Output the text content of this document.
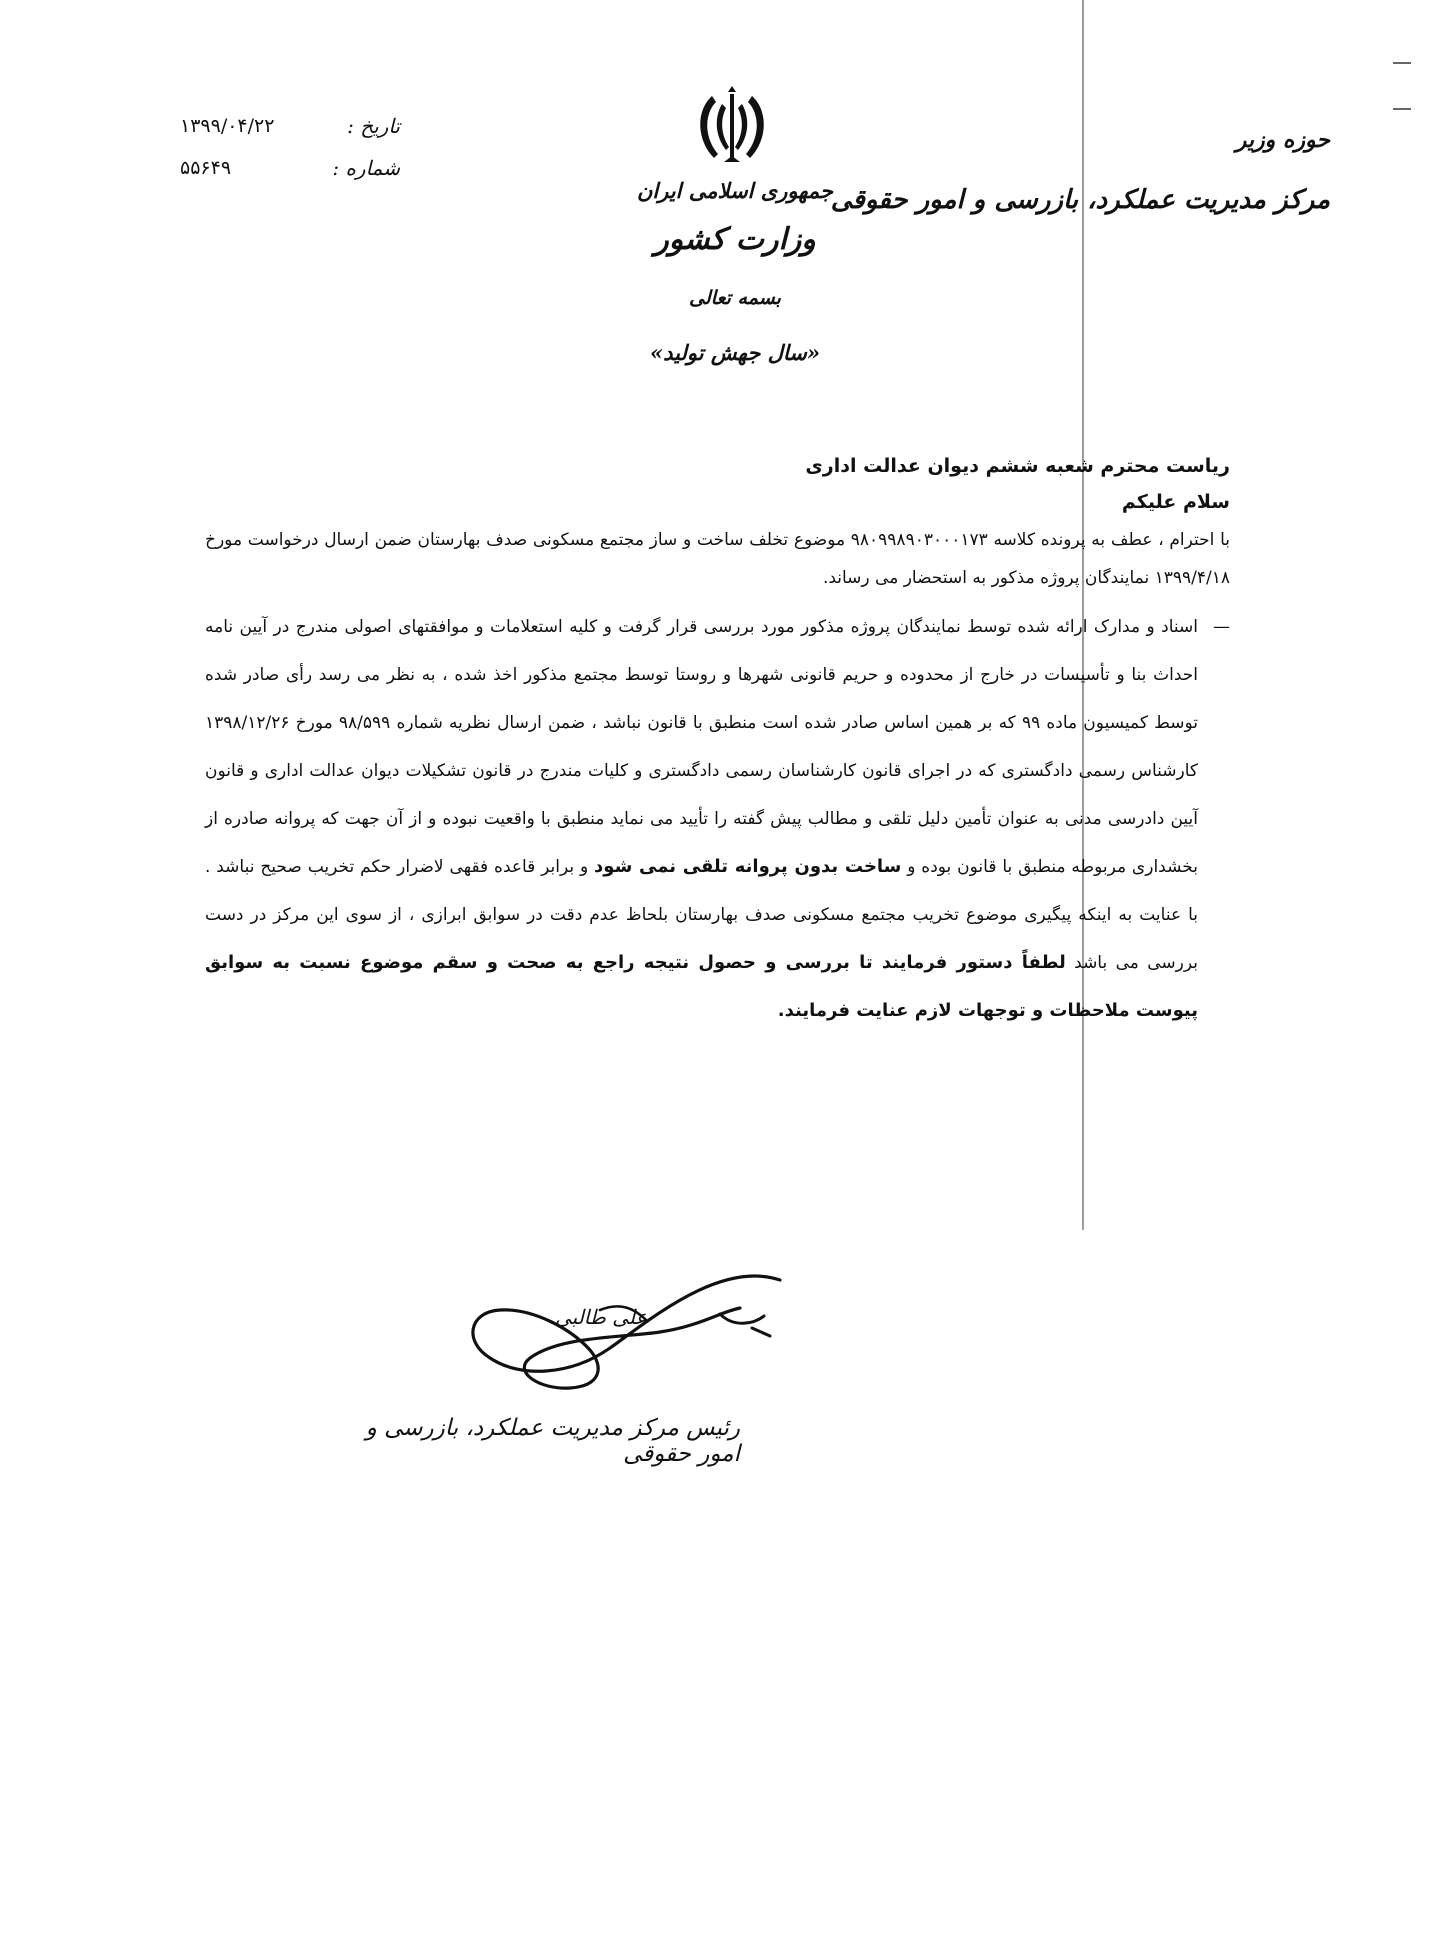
تاریخ :
۱۳۹۹/۰۴/۲۲
شماره :
۵۵۶۴۹
جمهوری اسلامی ایران
وزارت کشور
بسمه تعالی
«سال جهش تولید»
حوزه وزیر
مرکز مدیریت عملکرد، بازرسی و امور حقوقی

ریاست محترم شعبه ششم دیوان عدالت اداری

سلام علیکم

با احترام ، عطف به پرونده کلاسه ۹۸۰۹۹۸۹۰۳۰۰۰۱۷۳ موضوع تخلف ساخت و ساز مجتمع مسکونی صدف بهارستان ضمن ارسال درخواست مورخ ۱۳۹۹/۴/۱۸ نمایندگان پروژه مذکور به استحضار می رساند.

—
اسناد و مدارک ارائه شده توسط نمایندگان پروژه مذکور مورد بررسی قرار گرفت و کلیه استعلامات و موافقتهای اصولی مندرج در آیین نامه احداث بنا و تأسیسات در خارج از محدوده و حریم قانونی شهرها و روستا توسط مجتمع مذکور اخذ شده ، به نظر می رسد رأی صادر شده توسط کمیسیون ماده ۹۹ که بر همین اساس صادر شده است منطبق با قانون نباشد ، ضمن ارسال نظریه شماره ۹۸/۵۹۹ مورخ ۱۳۹۸/۱۲/۲۶ کارشناس رسمی دادگستری که در اجرای قانون کارشناسان رسمی دادگستری و کلیات مندرج در قانون تشکیلات دیوان عدالت اداری و قانون آیین دادرسی مدنی به عنوان تأمین دلیل تلقی و مطالب پیش گفته را تأیید می نماید منطبق با واقعیت نبوده و از آن جهت که پروانه صادره از بخشداری مربوطه منطبق با قانون بوده و ساخت بدون پروانه تلقی نمی شود و برابر قاعده فقهی لاضرار حکم تخریب صحیح نباشد . با عنایت به اینکه پیگیری موضوع تخریب مجتمع مسکونی صدف بهارستان بلحاظ عدم دقت در سوابق ابرازی ، از سوی این مرکز در دست بررسی می باشد لطفاً دستور فرمایند تا بررسی و حصول نتیجه راجع به صحت و سقم موضوع نسبت به سوابق پیوست ملاحظات و توجهات لازم عنایت فرمایند.

علی طالبی
رئیس مرکز مدیریت عملکرد، بازرسی و امور حقوقی
